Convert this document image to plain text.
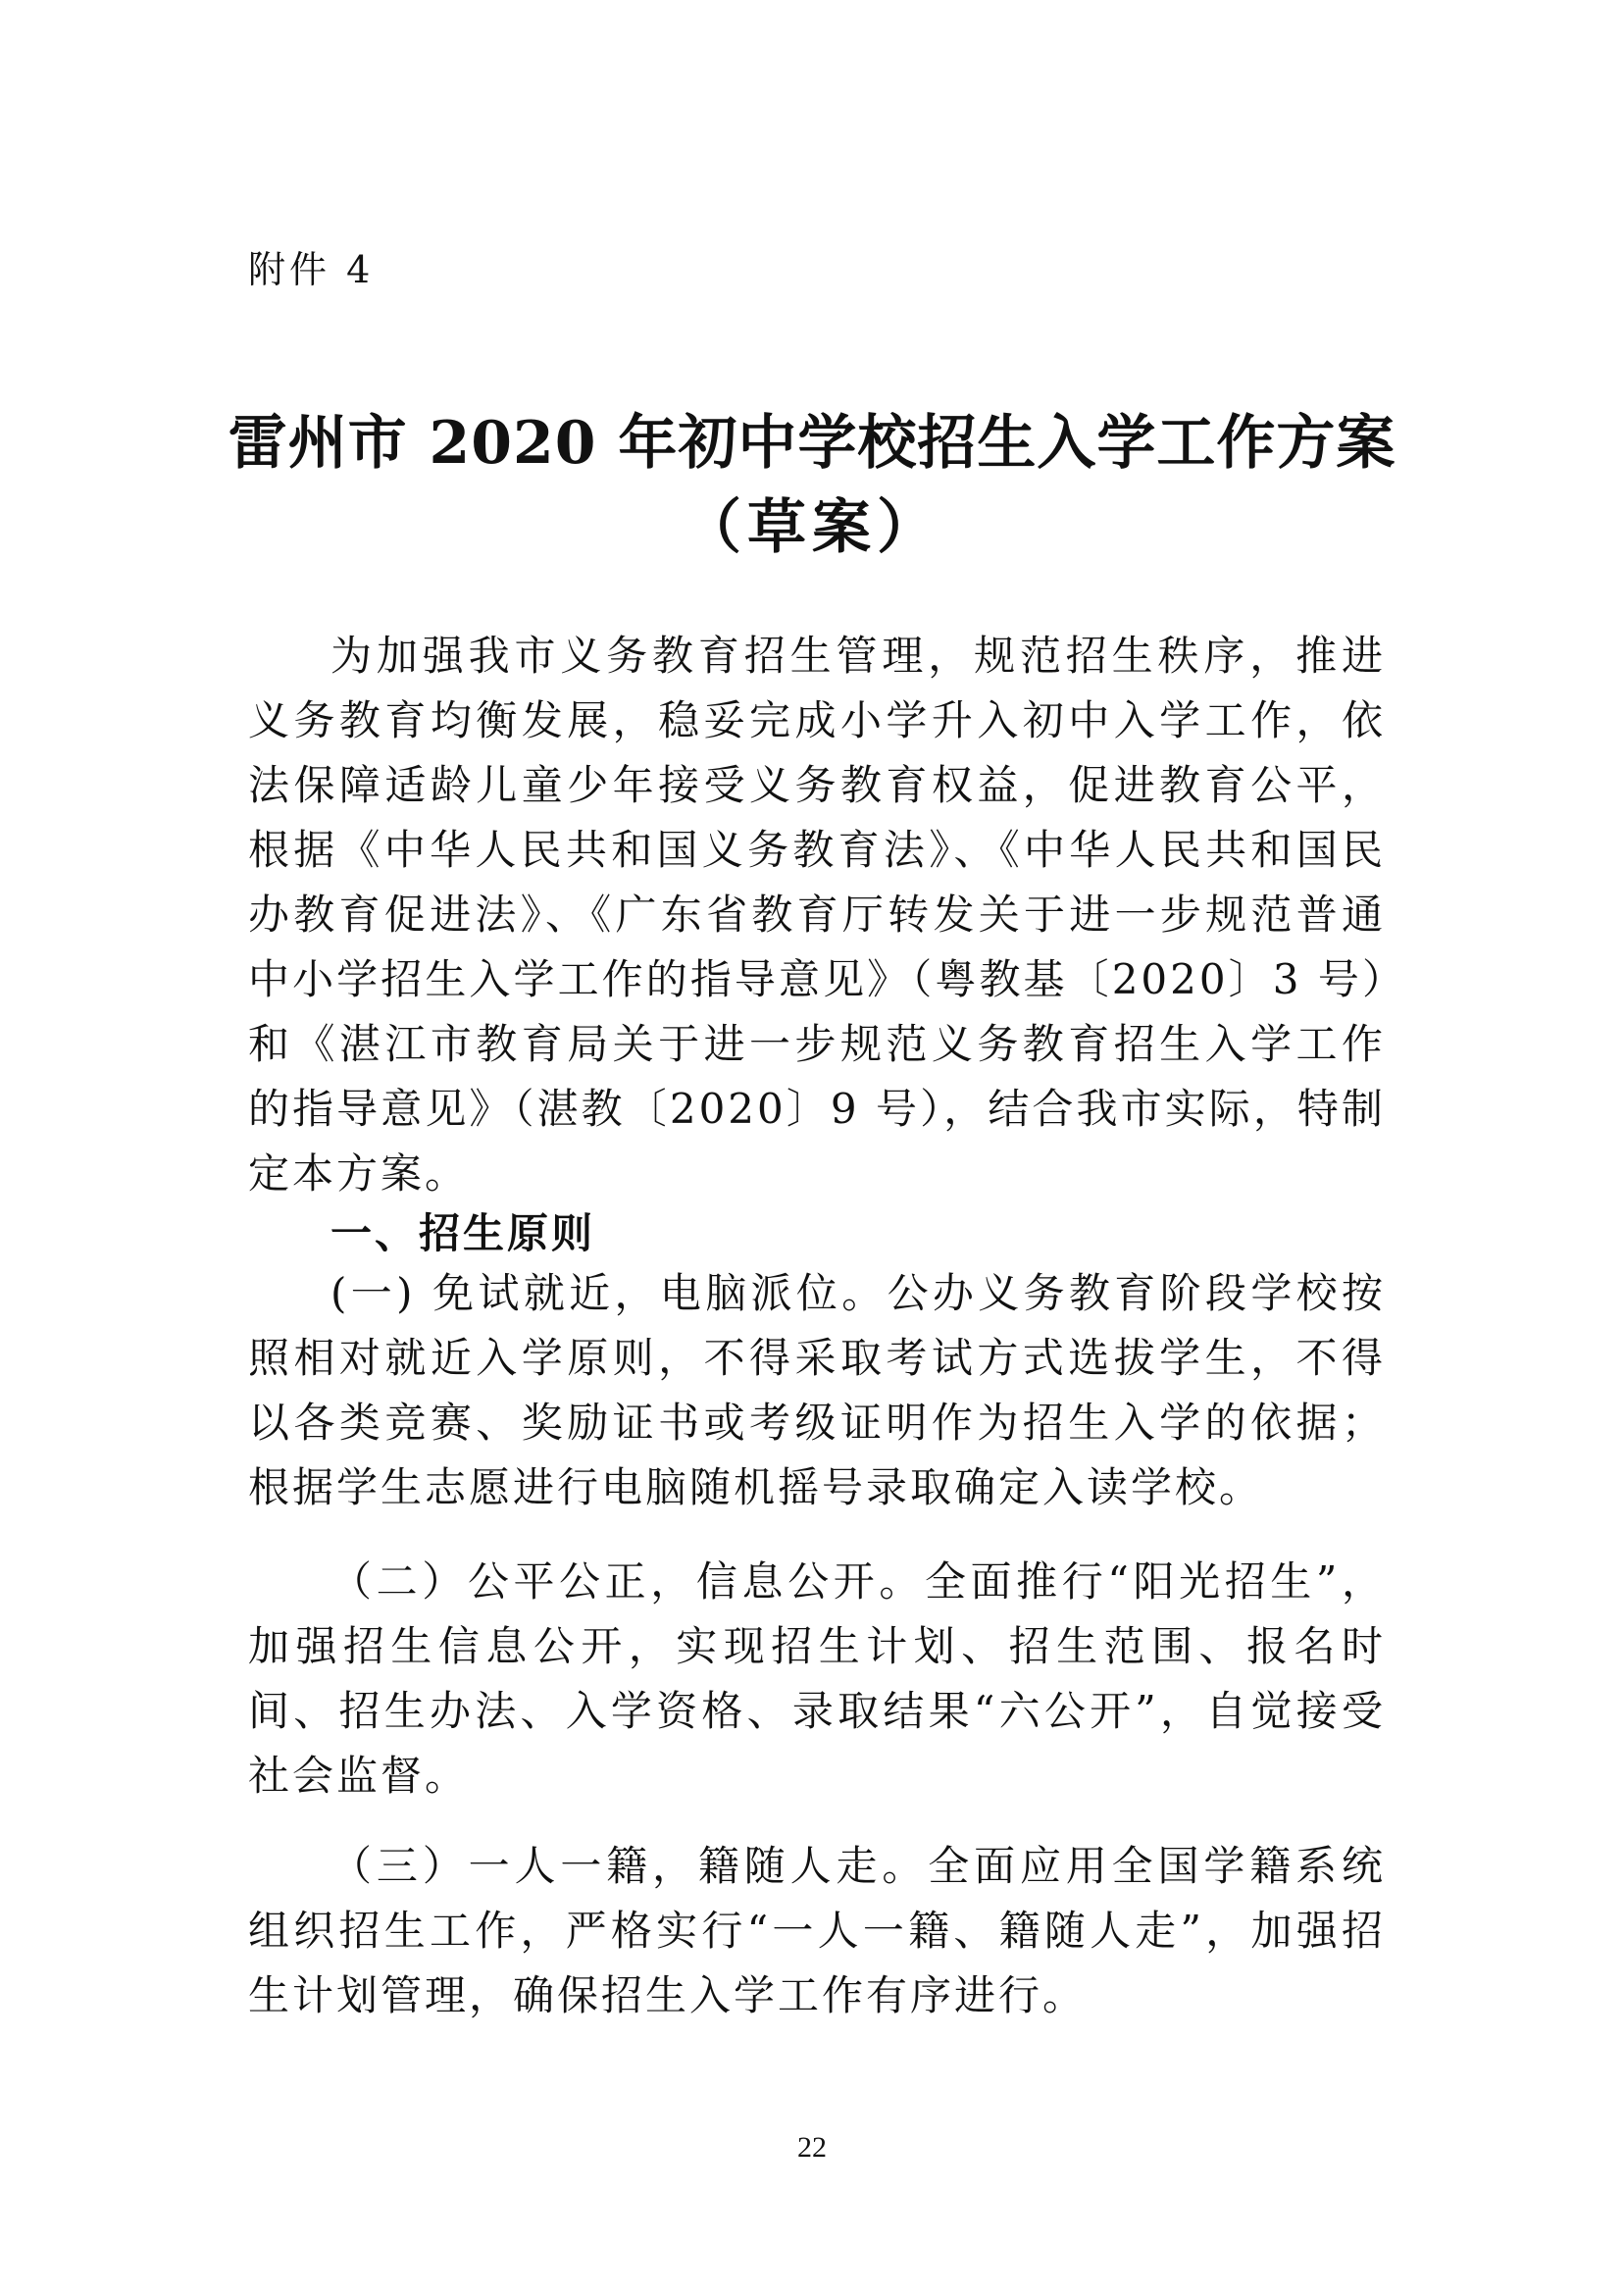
附件 4
雷州市 2020 年初中学校招生入学工作方案
（草案）

为加强我市义务教育招生管理，规范招生秩序，推进义务教育均衡发展，稳妥完成小学升入初中入学工作，依法保障适龄儿童少年接受义务教育权益，促进教育公平，根据《中华人民共和国义务教育法》、《中华人民共和国民办教育促进法》、《广东省教育厅转发关于进一步规范普通中小学招生入学工作的指导意见》（粤教基〔2020〕3 号）和《湛江市教育局关于进一步规范义务教育招生入学工作的指导意见》（湛教〔2020〕9 号），结合我市实际，特制定本方案。

一、招生原则

(一) 免试就近，电脑派位。公办义务教育阶段学校按照相对就近入学原则，不得采取考试方式选拔学生，不得以各类竞赛、奖励证书或考级证明作为招生入学的依据；根据学生志愿进行电脑随机摇号录取确定入读学校。

（二）公平公正，信息公开。全面推行“阳光招生”，加强招生信息公开，实现招生计划、招生范围、报名时间、招生办法、入学资格、录取结果“六公开”，自觉接受社会监督。

（三）一人一籍，籍随人走。全面应用全国学籍系统组织招生工作，严格实行“一人一籍、籍随人走”，加强招生计划管理，确保招生入学工作有序进行。

22
